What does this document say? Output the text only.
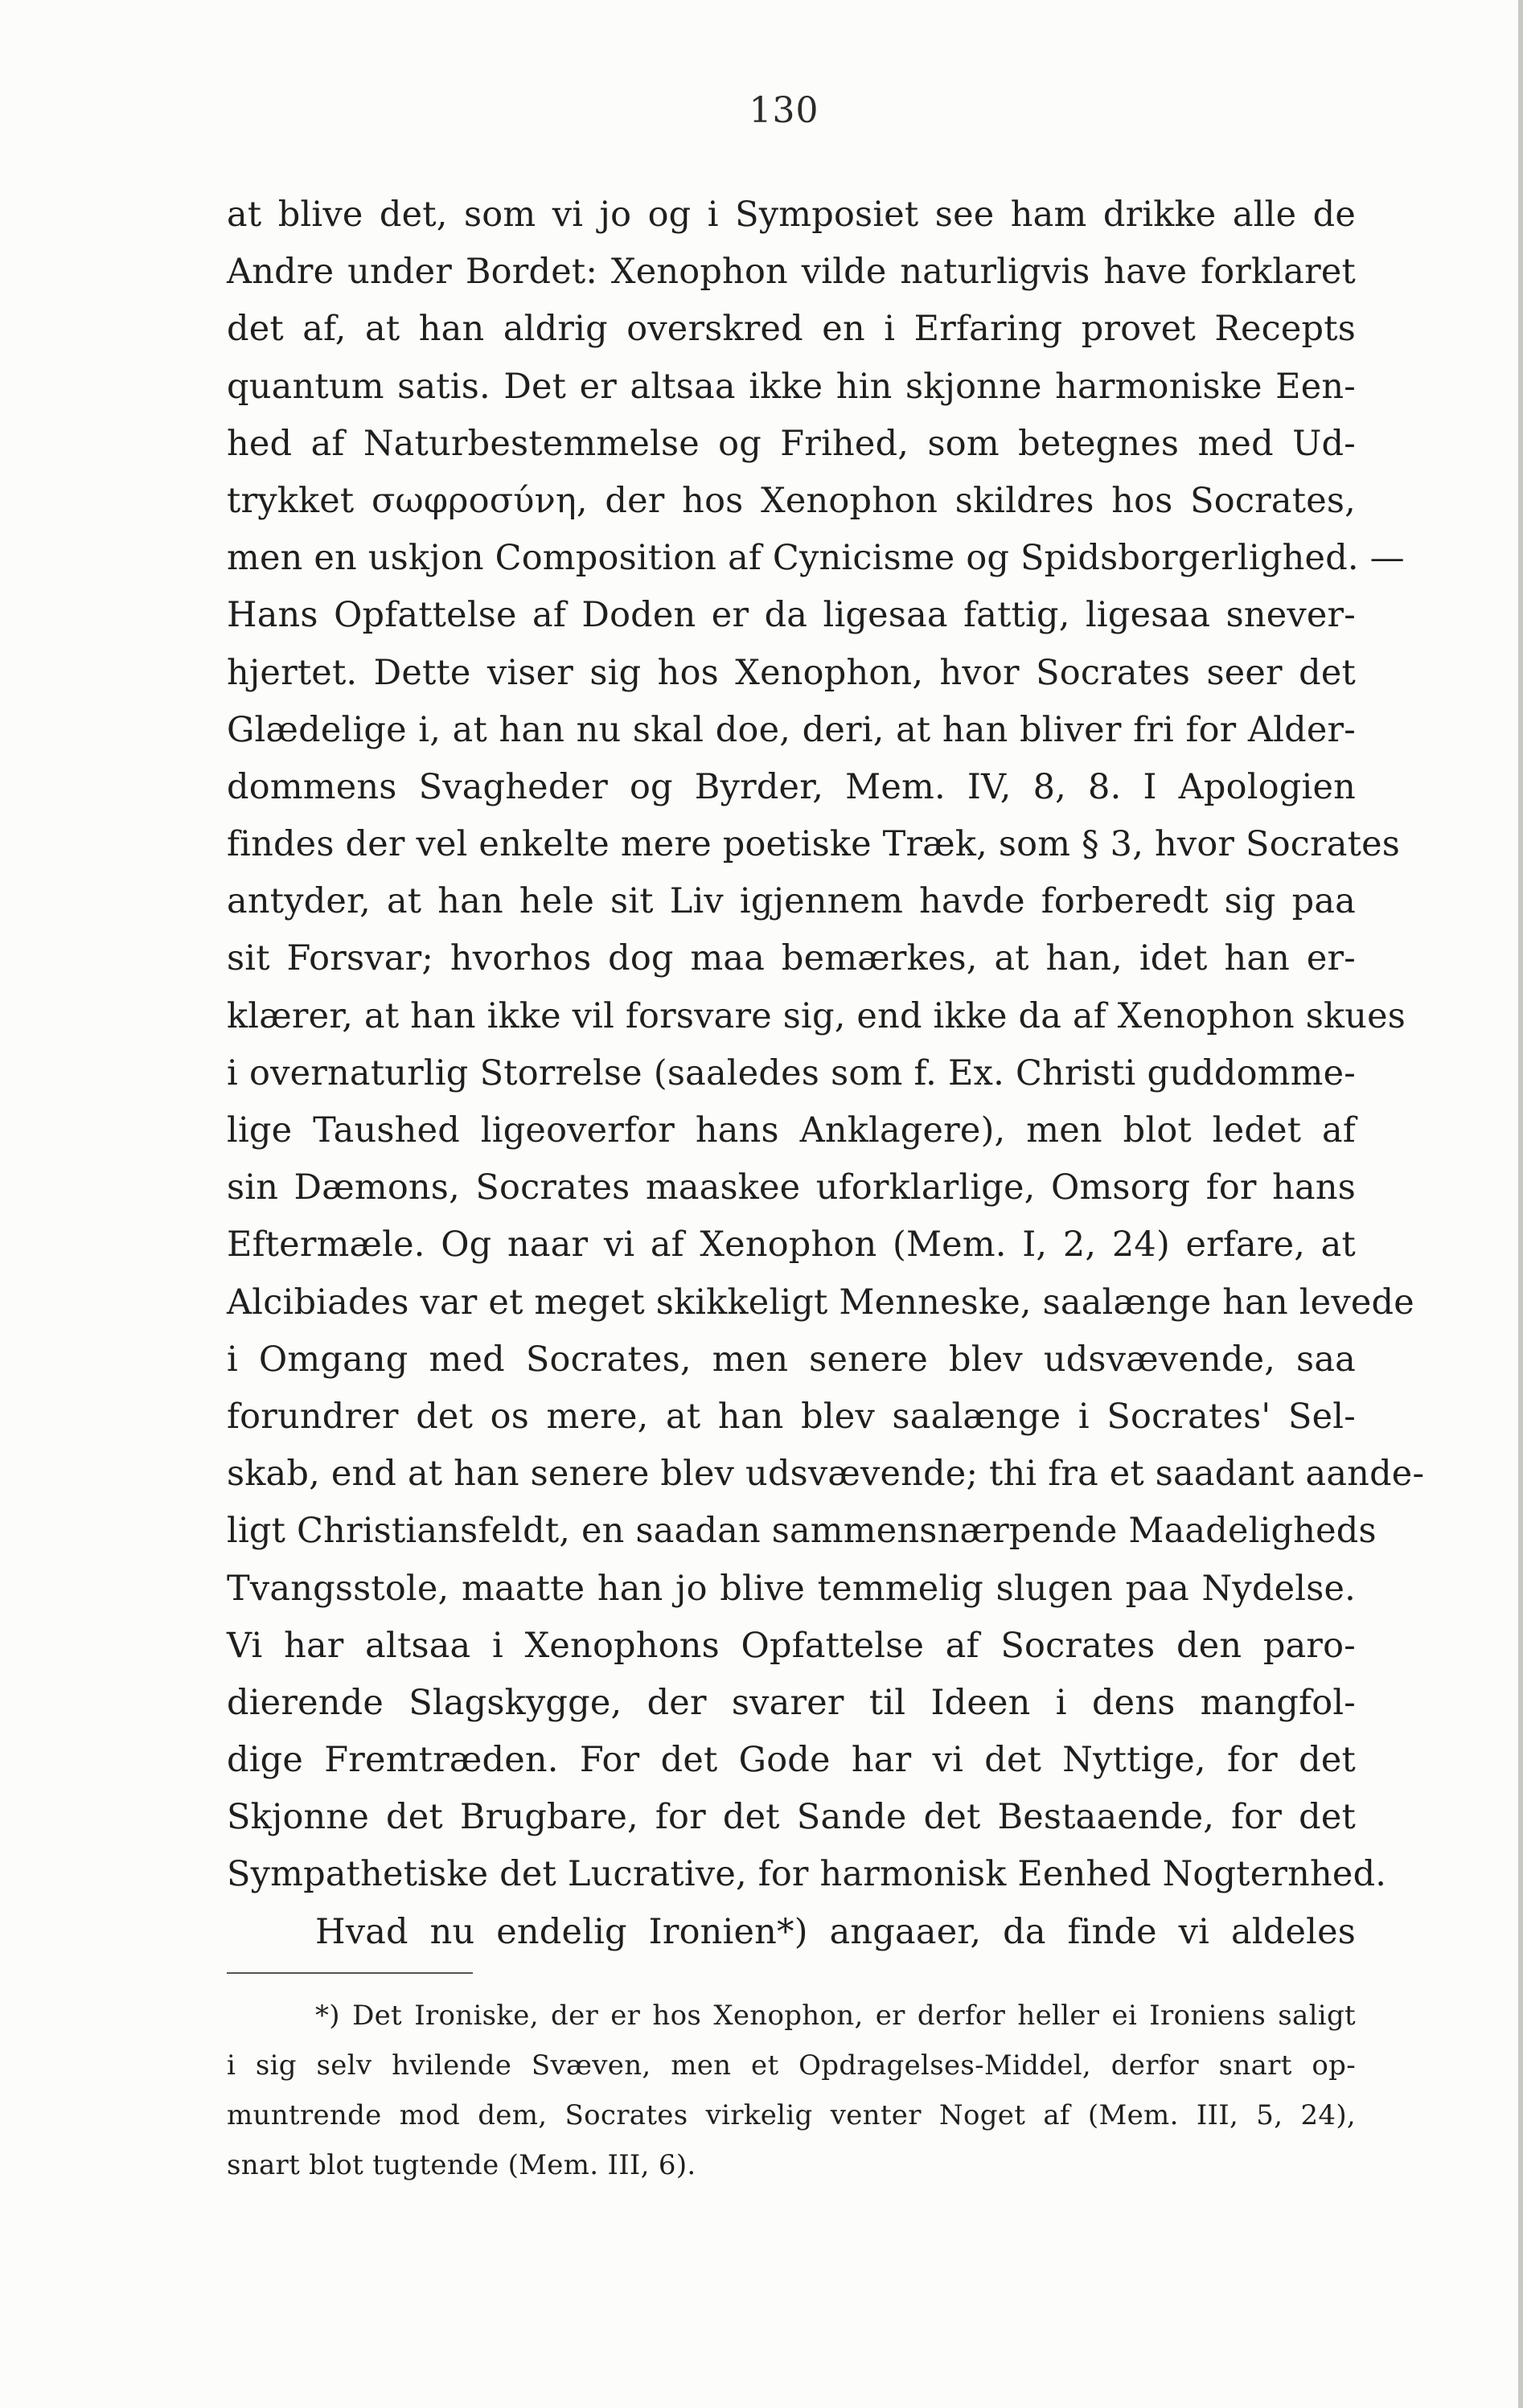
130
at blive det, som vi jo og i Symposiet see ham drikke alle de
Andre under Bordet: Xenophon vilde naturligvis have forklaret
det af, at han aldrig overskred en i Erfaring provet Recepts
quantum satis. Det er altsaa ikke hin skjonne harmoniske Een-
hed af Naturbestemmelse og Frihed, som betegnes med Ud-
trykket σωφροσύνη, der hos Xenophon skildres hos Socrates,
men en uskjon Composition af Cynicisme og Spidsborgerlighed. —
Hans Opfattelse af Doden er da ligesaa fattig, ligesaa snever-
hjertet. Dette viser sig hos Xenophon, hvor Socrates seer det
Glædelige i, at han nu skal doe, deri, at han bliver fri for Alder-
dommens Svagheder og Byrder, Mem. IV, 8, 8. I Apologien
findes der vel enkelte mere poetiske Træk, som § 3, hvor Socrates
antyder, at han hele sit Liv igjennem havde forberedt sig paa
sit Forsvar; hvorhos dog maa bemærkes, at han, idet han er-
klærer, at han ikke vil forsvare sig, end ikke da af Xenophon skues
i overnaturlig Storrelse (saaledes som f. Ex. Christi guddomme-
lige Taushed ligeoverfor hans Anklagere), men blot ledet af
sin Dæmons, Socrates maaskee uforklarlige, Omsorg for hans
Eftermæle. Og naar vi af Xenophon (Mem. I, 2, 24) erfare, at
Alcibiades var et meget skikkeligt Menneske, saalænge han levede
i Omgang med Socrates, men senere blev udsvævende, saa
forundrer det os mere, at han blev saalænge i Socrates' Sel-
skab, end at han senere blev udsvævende; thi fra et saadant aande-
ligt Christiansfeldt, en saadan sammensnærpende Maadeligheds
Tvangsstole, maatte han jo blive temmelig slugen paa Nydelse.
Vi har altsaa i Xenophons Opfattelse af Socrates den paro-
dierende Slagskygge, der svarer til Ideen i dens mangfol-
dige Fremtræden. For det Gode har vi det Nyttige, for det
Skjonne det Brugbare, for det Sande det Bestaaende, for det
Sympathetiske det Lucrative, for harmonisk Eenhed Nogternhed.
Hvad nu endelig Ironien*) angaaer, da finde vi aldeles
*) Det Ironiske, der er hos Xenophon, er derfor heller ei Ironiens saligt
i sig selv hvilende Svæven, men et Opdragelses-Middel, derfor snart op-
muntrende mod dem, Socrates virkelig venter Noget af (Mem. III, 5, 24),
snart blot tugtende (Mem. III, 6).
